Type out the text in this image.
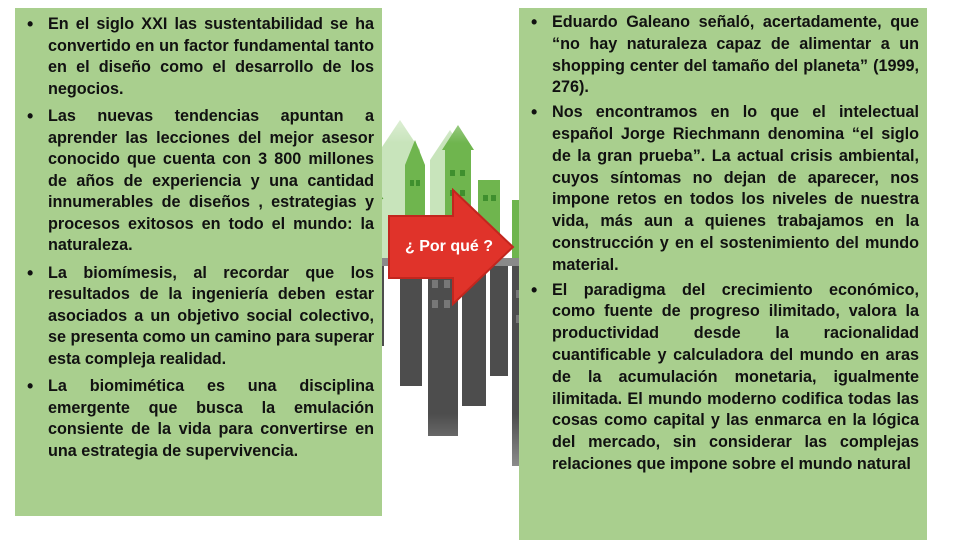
• En el siglo XXI las sustentabilidad se ha convertido en un factor fundamental tanto en el diseño como el desarrollo de los negocios.
• Las nuevas tendencias apuntan a aprender las lecciones del mejor asesor conocido que cuenta con 3 800 millones de años de experiencia y una cantidad innumerables de diseños , estrategias y procesos exitosos en todo el mundo: la naturaleza.
• La biomímesis, al recordar que los resultados de la ingeniería deben estar asociados a un objetivo social colectivo, se presenta como un camino para superar esta compleja realidad.
• La biomimética es una disciplina emergente que busca la emulación consiente de la vida para convertirse en una estrategia de supervivencia.
¿ Por qué ?
• Eduardo Galeano señaló, acertadamente, que “no hay naturaleza capaz de alimentar a un shopping center del tamaño del planeta” (1999, 276).
• Nos encontramos en lo que el intelectual español Jorge Riechmann denomina “el siglo de la gran prueba”. La actual crisis ambiental, cuyos síntomas no dejan de aparecer, nos impone retos en todos los niveles de nuestra vida, más aun a quienes trabajamos en la construcción y en el sostenimiento del mundo material.
• El paradigma del crecimiento económico, como fuente de progreso ilimitado, valora la productividad desde la racionalidad cuantificable y calculadora del mundo en aras de la acumulación monetaria, igualmente ilimitada. El mundo moderno codifica todas las cosas como capital y las enmarca en la lógica del mercado, sin considerar las complejas relaciones que impone sobre el mundo natural
